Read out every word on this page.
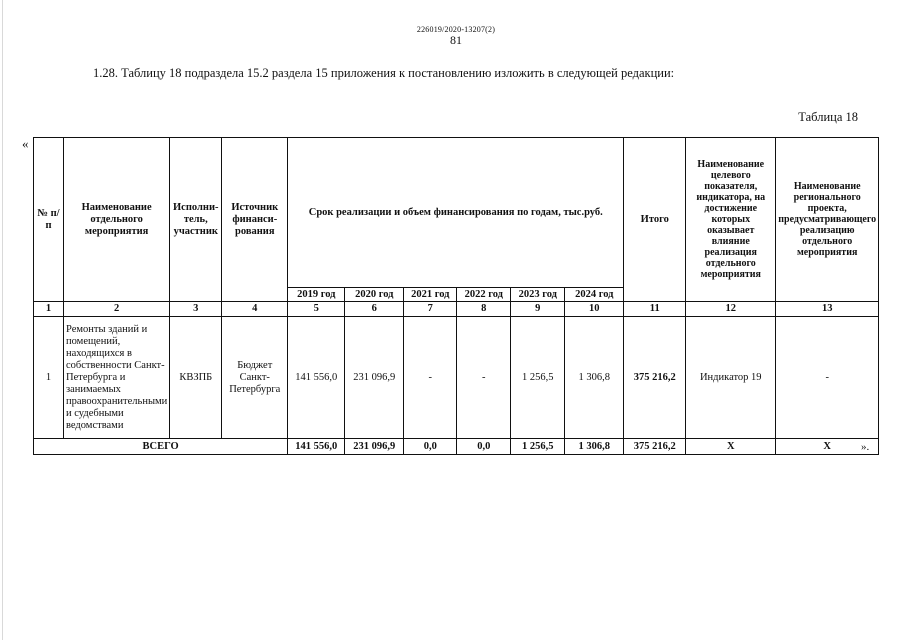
226019/2020-13207(2)
81
1.28. Таблицу 18 подраздела 15.2 раздела 15 приложения к постановлению изложить в следующей редакции:
Таблица 18
«
».
№ п/п	Наименование отдельного мероприятия	Исполни-тель, участник	Источник финанси-рования	Срок реализации и объем финансирования по годам, тыс.руб.						Итого	Наименование целевого показателя, индикатора, на достижение которых оказывает влияние реализация отдельного мероприятия	Наименование регионального проекта, предусматривающего реализацию отдельного мероприятия
				2019 год	2020 год	2021 год	2022 год	2023 год	2024 год			
1	2	3	4	5	6	7	8	9	10	11	12	13
1	Ремонты зданий и помещений, находящихся в собственности Санкт-Петербурга и занимаемых правоохранительными и судебными ведомствами	КВЗПБ	Бюджет Санкт-Петербурга	141 556,0	231 096,9	-	-	1 256,5	1 306,8	375 216,2	Индикатор 19	-
ВСЕГО				141 556,0	231 096,9	0,0	0,0	1 256,5	1 306,8	375 216,2	Х	Х
